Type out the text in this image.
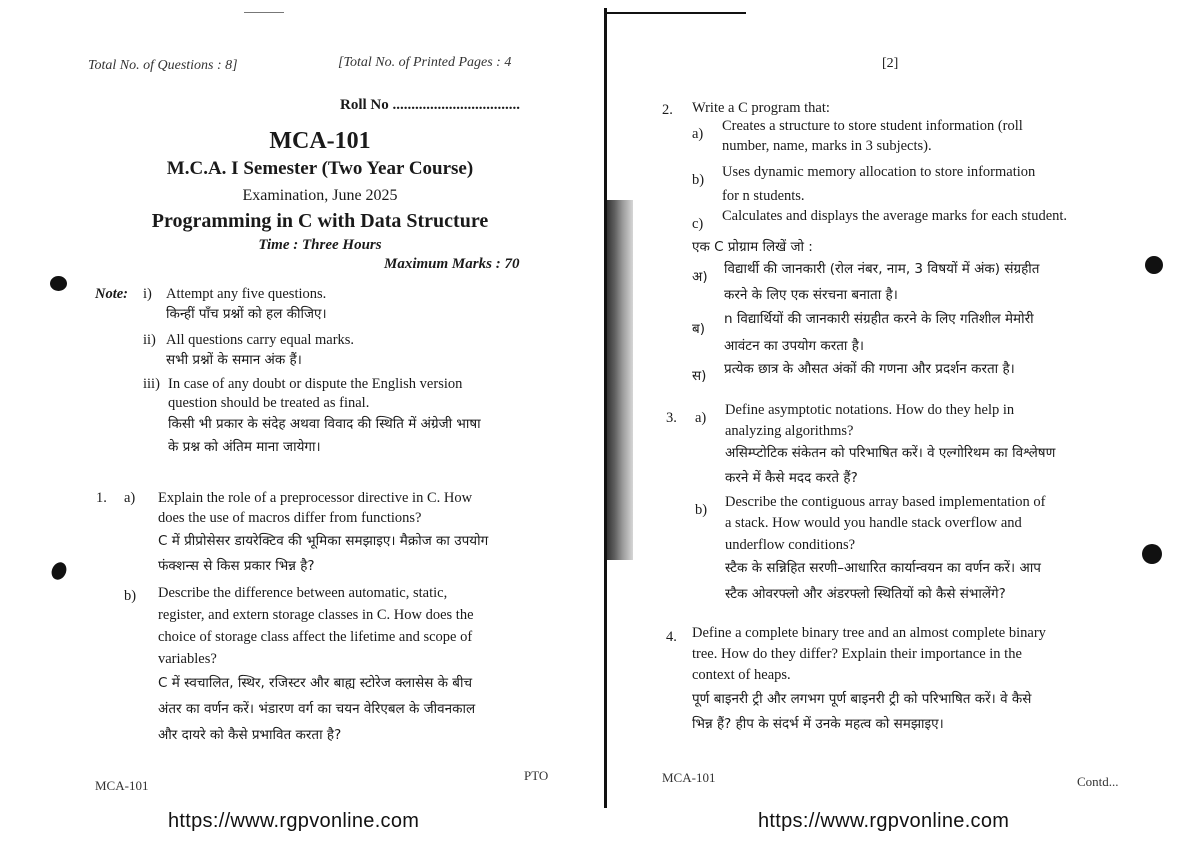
Total No. of Questions : 8]	[Total No. of Printed Pages : 4
Roll No ..................................
MCA-101
M.C.A. I Semester (Two Year Course)
Examination, June 2025
Programming in C with Data Structure
Time : Three Hours
Maximum Marks : 70
Note: i) Attempt any five questions.
किन्हीं पाँच प्रश्नों को हल कीजिए।
ii) All questions carry equal marks.
सभी प्रश्नों के समान अंक हैं।
iii) In case of any doubt or dispute the English version
question should be treated as final.
किसी भी प्रकार के संदेह अथवा विवाद की स्थिति में अंग्रेजी भाषा
के प्रश्न को अंतिम माना जायेगा।
1. a) Explain the role of a preprocessor directive in C. How
does the use of macros differ from functions?
C में प्रीप्रोसेसर डायरेक्टिव की भूमिका समझाइए। मैक्रोज का उपयोग
फंक्शन्स से किस प्रकार भिन्न है?
b) Describe the difference between automatic, static,
register, and extern storage classes in C. How does the
choice of storage class affect the lifetime and scope of
variables?
C में स्वचालित, स्थिर, रजिस्टर और बाह्य स्टोरेज क्लासेस के बीच
अंतर का वर्णन करें। भंडारण वर्ग का चयन वेरिएबल के जीवनकाल
और दायरे को कैसे प्रभावित करता है?
MCA-101
PTO
https://www.rgpvonline.com
[2]
2. Write a C program that:
a) Creates a structure to store student information (roll
number, name, marks in 3 subjects).
b) Uses dynamic memory allocation to store information
for n students.
c) Calculates and displays the average marks for each student.
एक C प्रोग्राम लिखें जो :
अ) विद्यार्थी की जानकारी (रोल नंबर, नाम, 3 विषयों में अंक) संग्रहीत
करने के लिए एक संरचना बनाता है।
ब)
n विद्यार्थियों की जानकारी संग्रहीत करने के लिए गतिशील मेमोरी
आवंटन का उपयोग करता है।
स) प्रत्येक छात्र के औसत अंकों की गणना और प्रदर्शन करता है।
3. a) Define asymptotic notations. How do they help in
analyzing algorithms?
असिम्प्टोटिक संकेतन को परिभाषित करें। वे एल्गोरिथम का विश्लेषण
करने में कैसे मदद करते हैं?
b) Describe the contiguous array based implementation of
a stack. How would you handle stack overflow and
underflow conditions?
स्टैक के सन्निहित सरणी–आधारित कार्यान्वयन का वर्णन करें। आप
स्टैक ओवरफ्लो और अंडरफ्लो स्थितियों को कैसे संभालेंगे?
4. Define a complete binary tree and an almost complete binary
tree. How do they differ? Explain their importance in the
context of heaps.
पूर्ण बाइनरी ट्री और लगभग पूर्ण बाइनरी ट्री को परिभाषित करें। वे कैसे
भिन्न हैं? हीप के संदर्भ में उनके महत्व को समझाइए।
MCA-101	Contd...
https://www.rgpvonline.com
